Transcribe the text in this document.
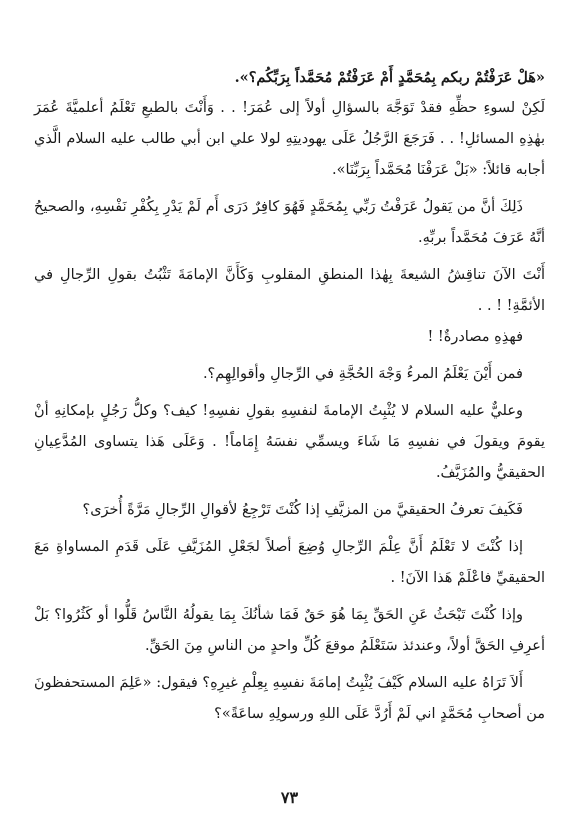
«هَلْ عَرَفْتُمْ ربكم بِمُحَمَّدٍ أَمْ عَرَفْتُمْ مُحَمَّداً بِرَبِّكُم؟».

لَكِنْ لسوءِ حظِّهِ فقدْ تَوَجَّهَ بالسؤالِ أولاً إلى عُمَرَ! . . وَأَنْتَ بالطبعِ تَعْلَمُ أعلميَّةَ عُمَرَ بهٰذِهِ المسائلِ! . . فَرَجَعَ الرَّجُلُ عَلَى يهوديتِهِ لولا علي ابن أبي طالب عليه السلام الَّذي أجابه قائلاً: «بَلْ عَرَفْنَا مُحَمَّداً بِرَبِّنَا».

ذَلِكَ أنَّ من يَقولُ عَرَفْتُ رَبِّي بِمُحَمَّدٍ فَهُوَ كافِرٌ دَرَى أَم لَمْ يَدْرِ بِكُفْرِ نَفْسِهِ، والصحيحُ أنَّهُ عَرَفَ مُحَمَّداً بربِّهِ.

أَنْتَ الآنَ تناقِشُ الشيعةَ بِهٰذا المنطقِ المقلوبِ وَكَأَنَّ الإمامَةَ تَثْبُتُ بقولِ الرِّجالِ في الأئمَّةِ! ! . .

فهذِهِ مصادرةٌ! !

فمن أَيْنَ يَعْلَمُ المرءُ وَجْهَ الحُجَّةِ في الرِّجالِ وأقوالِهِم؟.

وعليٌّ عليه السلام لا يُثْبِتُ الإمامةَ لنفسِهِ بقولِ نفسِهِ! كيف؟ وكلُّ رَجُلٍ بإمكانِهِ أنْ يقومَ ويقولَ في نفسِهِ مَا شَاءَ ويسمِّي نفسَهُ إِمَاماً! . وَعَلَى هَذا يتساوى المُدَّعِيانِ الحقيقيُّ والمُزَيَّفُ.

فَكَيفَ تعرفُ الحقيقيَّ من المزيَّفِ إذا كُنْتَ تَرْجِعُ لأقوالِ الرِّجالِ مَرَّةً أُخرَى؟

إذا كُنْتَ لا تَعْلَمُ أَنَّ عِلْمَ الرِّجالِ وُضِعَ أصلاً لجَعْلِ المُزَيَّفِ عَلَى قَدَمِ المساواةِ مَعَ الحقيقيِّ فاعْلَمْ هَذا الآنَ! .

وإذا كُنْتَ تَبْحَثُ عَنِ الحَقِّ بِمَا هُوَ حَقٌ فَمَا شأنُكَ بِمَا يقولُهُ النَّاسُ قَلُّوا أو كَثُرُوا؟ بَلْ أعرِفِ الحَقَّ أولاً، وعندئذ سَتَعْلَمُ موقعَ كُلِّ واحدٍ من الناسِ مِنَ الحَقِّ.

أَلاَ تَرَاهُ عليه السلام كَيْفَ يُثْبِتُ إمامَةَ نفسِهِ بِعِلْمِ غيرِهِ؟ فيقول: «عَلِمَ المستحفظونَ من أصحابِ مُحَمَّدٍ اني لَمْ أَرُدَّ عَلَى اللهِ ورسولِهِ ساعَةً»؟

٧٣
